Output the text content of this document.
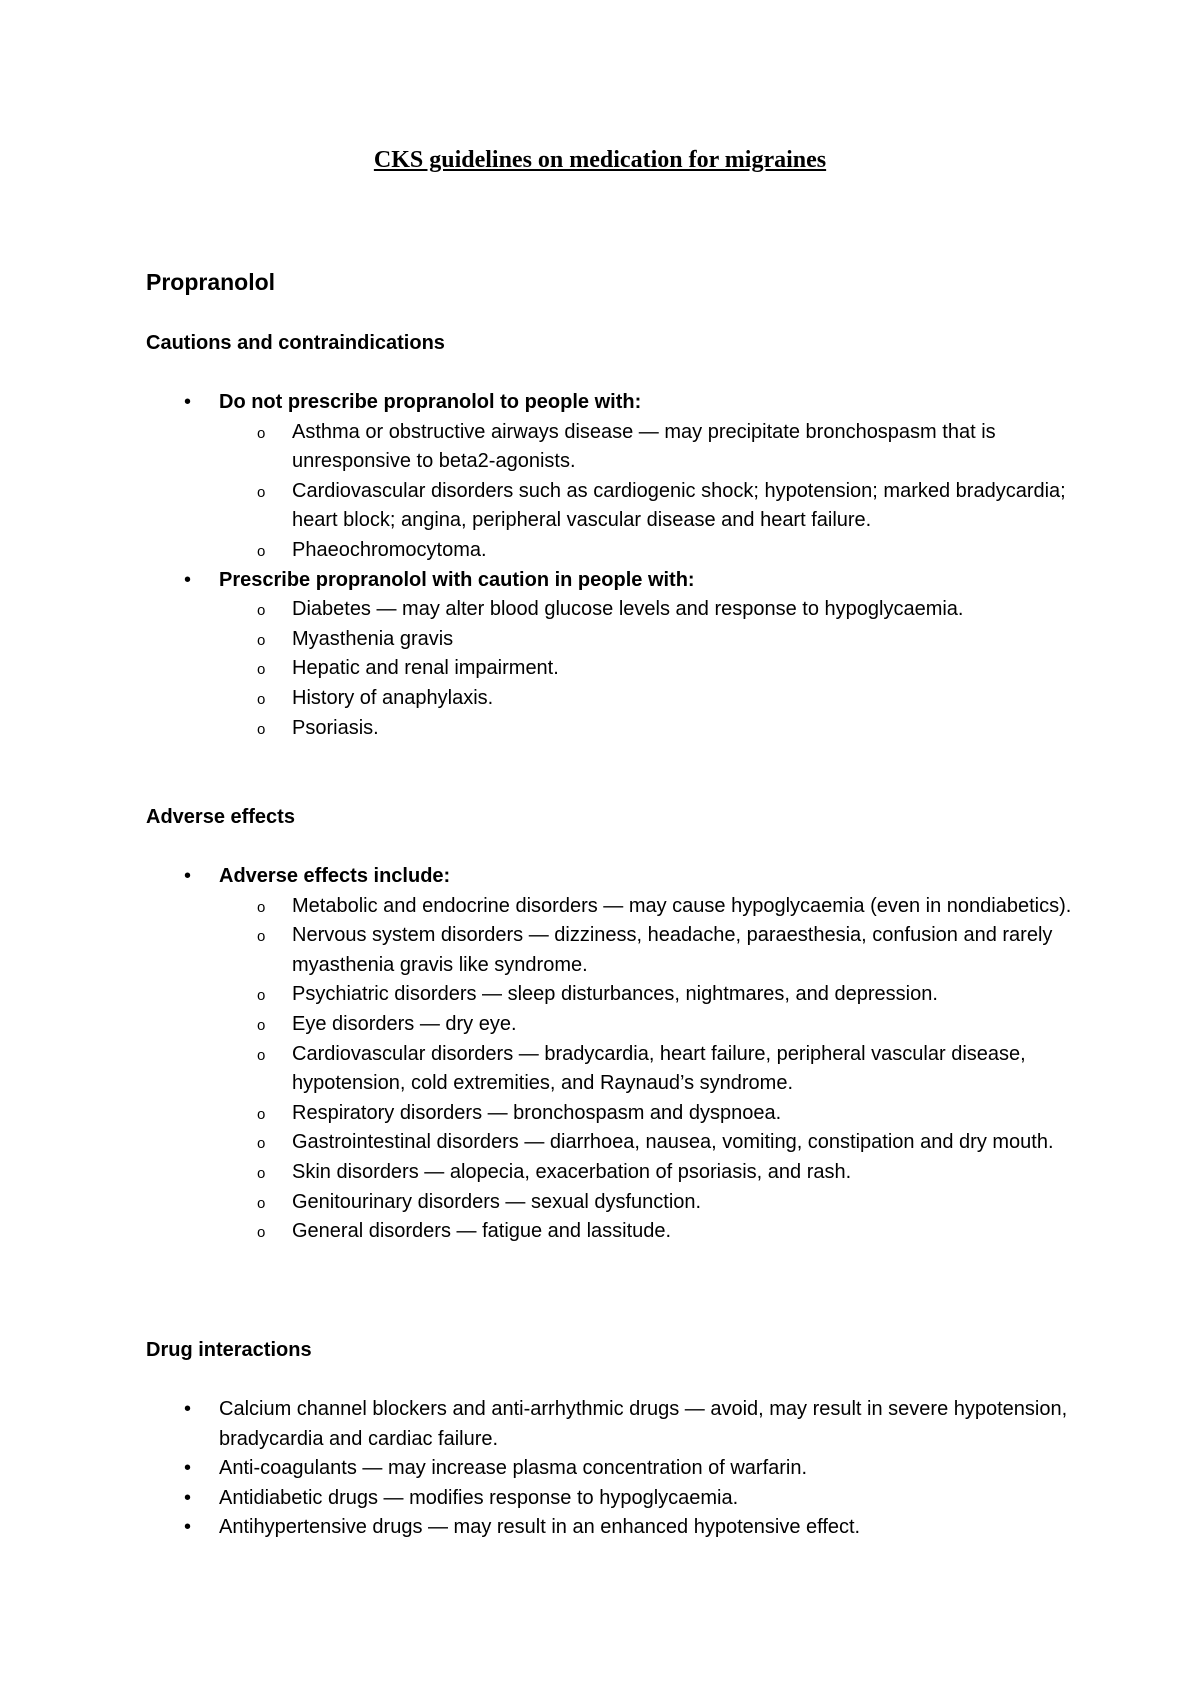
CKS guidelines on medication for migraines
Propranolol
Cautions and contraindications
• Do not prescribe propranolol to people with:
o Asthma or obstructive airways disease — may precipitate bronchospasm that is unresponsive to beta2-agonists.
o Cardiovascular disorders such as cardiogenic shock; hypotension; marked bradycardia; heart block; angina, peripheral vascular disease and heart failure.
o Phaeochromocytoma.
• Prescribe propranolol with caution in people with:
o Diabetes — may alter blood glucose levels and response to hypoglycaemia.
o Myasthenia gravis
o Hepatic and renal impairment.
o History of anaphylaxis.
o Psoriasis.
Adverse effects
• Adverse effects include:
o Metabolic and endocrine disorders — may cause hypoglycaemia (even in nondiabetics).
o Nervous system disorders — dizziness, headache, paraesthesia, confusion and rarely myasthenia gravis like syndrome.
o Psychiatric disorders — sleep disturbances, nightmares, and depression.
o Eye disorders — dry eye.
o Cardiovascular disorders — bradycardia, heart failure, peripheral vascular disease, hypotension, cold extremities, and Raynaud’s syndrome.
o Respiratory disorders — bronchospasm and dyspnoea.
o Gastrointestinal disorders — diarrhoea, nausea, vomiting, constipation and dry mouth.
o Skin disorders — alopecia, exacerbation of psoriasis, and rash.
o Genitourinary disorders — sexual dysfunction.
o General disorders — fatigue and lassitude.
Drug interactions
• Calcium channel blockers and anti-arrhythmic drugs — avoid, may result in severe hypotension, bradycardia and cardiac failure.
• Anti-coagulants — may increase plasma concentration of warfarin.
• Antidiabetic drugs — modifies response to hypoglycaemia.
• Antihypertensive drugs — may result in an enhanced hypotensive effect.
